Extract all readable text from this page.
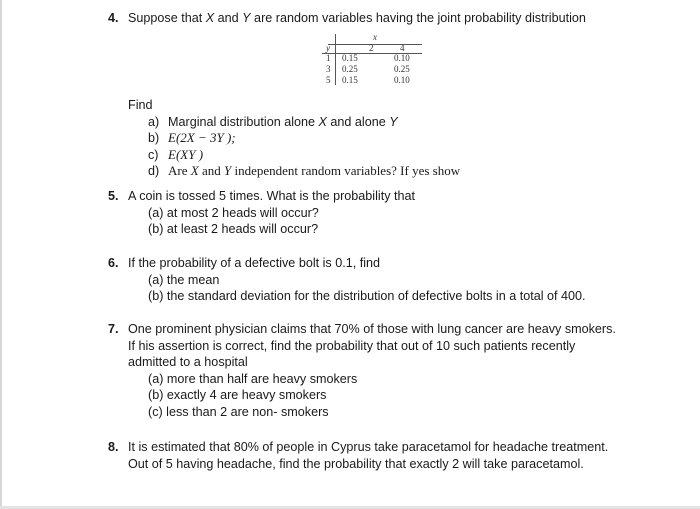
4. Suppose that X and Y are random variables having the joint probability distribution
x
y	2	4
1 0.15	0.10
3 0.25	0.25
5 0.15	0.10
Find
a) Marginal distribution alone X and alone Y
b) E(2X − 3Y );
c) E(XY )
d) Are X and Y independent random variables? If yes show
5. A coin is tossed 5 times. What is the probability that
(a) at most 2 heads will occur?
(b) at least 2 heads will occur?
6. If the probability of a defective bolt is 0.1, find
(a) the mean
(b) the standard deviation for the distribution of defective bolts in a total of 400.
7. One prominent physician claims that 70% of those with lung cancer are heavy smokers.
If his assertion is correct, find the probability that out of 10 such patients recently
admitted to a hospital
(a) more than half are heavy smokers
(b) exactly 4 are heavy smokers
(c) less than 2 are non- smokers
8. It is estimated that 80% of people in Cyprus take paracetamol for headache treatment.
Out of 5 having headache, find the probability that exactly 2 will take paracetamol.
